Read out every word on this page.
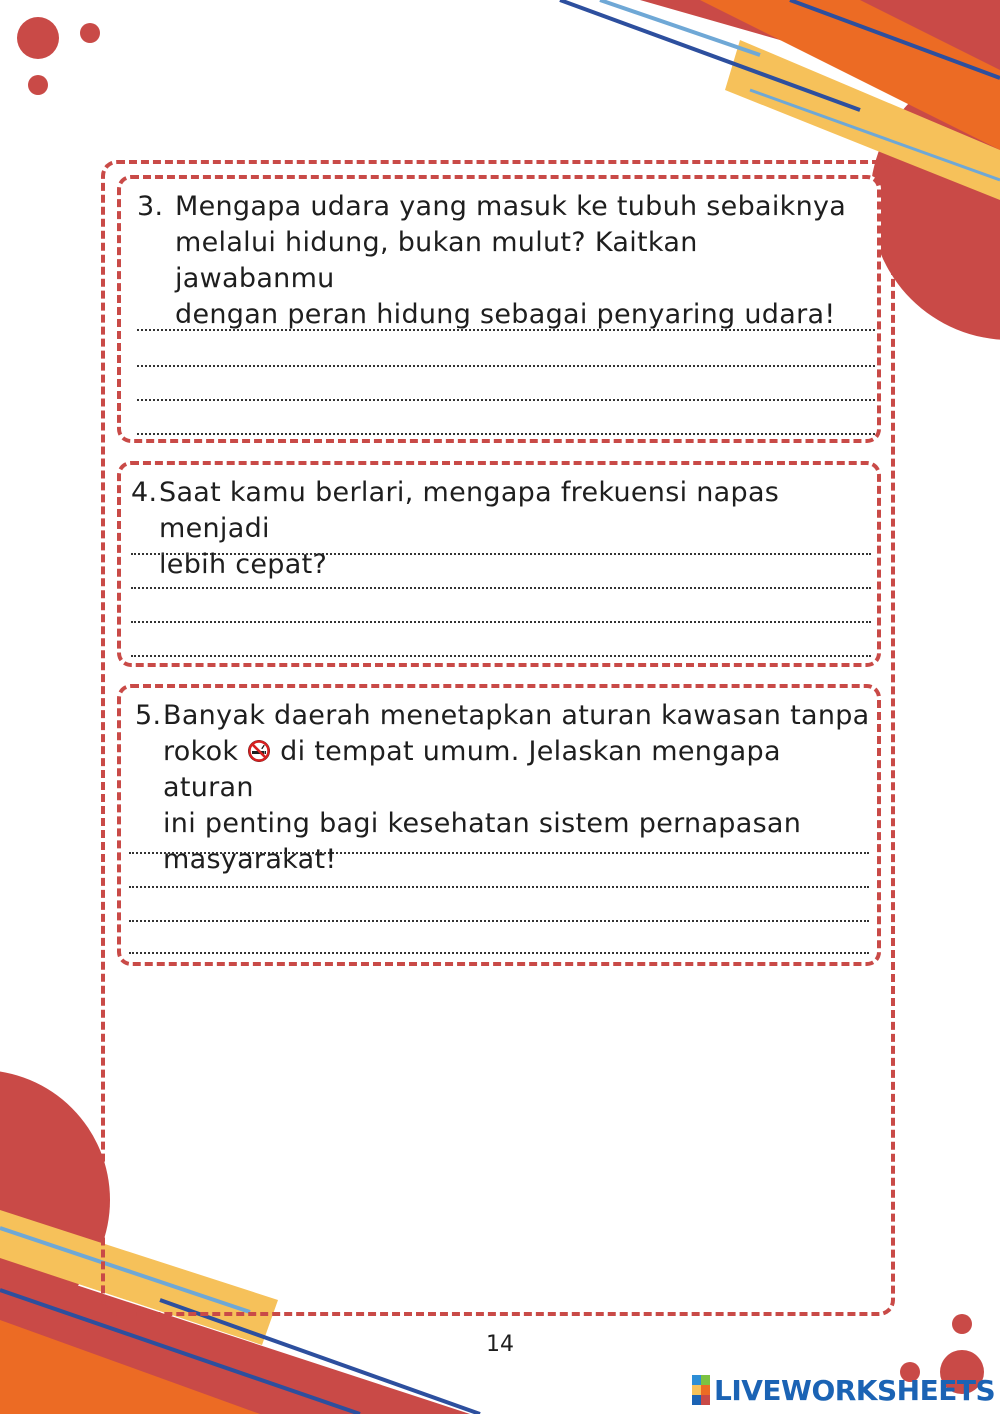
3. Mengapa udara yang masuk ke tubuh sebaiknya
melalui hidung, bukan mulut? Kaitkan jawabanmu
dengan peran hidung sebagai penyaring udara!
4. Saat kamu berlari, mengapa frekuensi napas menjadi
lebih cepat?
5. Banyak daerah menetapkan aturan kawasan tanpa
rokok di tempat umum. Jelaskan mengapa aturan
ini penting bagi kesehatan sistem pernapasan
masyarakat!
14
LIVEWORKSHEETS
